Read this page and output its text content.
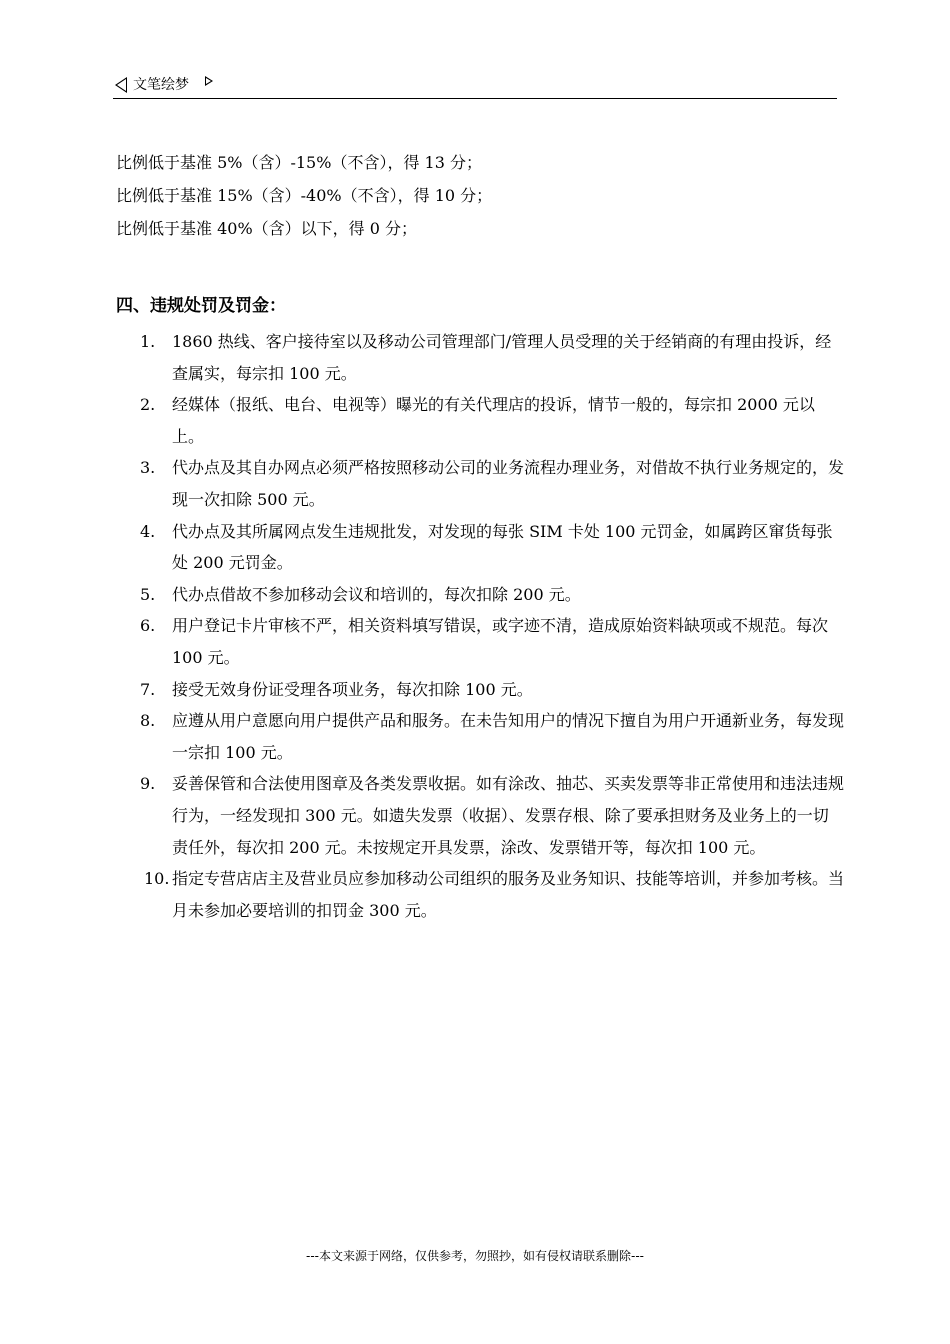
文笔绘梦
比例低于基准 5%（含）-15%（不含），得 13 分；
比例低于基准 15%（含）-40%（不含），得 10 分；
比例低于基准 40%（含）以下，得 0 分；
四、违规处罚及罚金：
1. 1860 热线、客户接待室以及移动公司管理部门/管理人员受理的关于经销商的有理由投诉，经查属实，每宗扣 100 元。
2. 经媒体（报纸、电台、电视等）曝光的有关代理店的投诉，情节一般的，每宗扣 2000 元以上。
3. 代办点及其自办网点必须严格按照移动公司的业务流程办理业务，对借故不执行业务规定的，发现一次扣除 500 元。
4. 代办点及其所属网点发生违规批发，对发现的每张 SIM 卡处 100 元罚金，如属跨区窜货每张处 200 元罚金。
5. 代办点借故不参加移动会议和培训的，每次扣除 200 元。
6. 用户登记卡片审核不严，相关资料填写错误，或字迹不清，造成原始资料缺项或不规范。每次 100 元。
7. 接受无效身份证受理各项业务，每次扣除 100 元。
8. 应遵从用户意愿向用户提供产品和服务。在未告知用户的情况下擅自为用户开通新业务，每发现一宗扣 100 元。
9. 妥善保管和合法使用图章及各类发票收据。如有涂改、抽芯、买卖发票等非正常使用和违法违规行为，一经发现扣 300 元。如遗失发票（收据）、发票存根、除了要承担财务及业务上的一切责任外，每次扣 200 元。未按规定开具发票，涂改、发票错开等，每次扣 100 元。
10. 指定专营店店主及营业员应参加移动公司组织的服务及业务知识、技能等培训，并参加考核。当月未参加必要培训的扣罚金 300 元。
---本文来源于网络，仅供参考，勿照抄，如有侵权请联系删除---
